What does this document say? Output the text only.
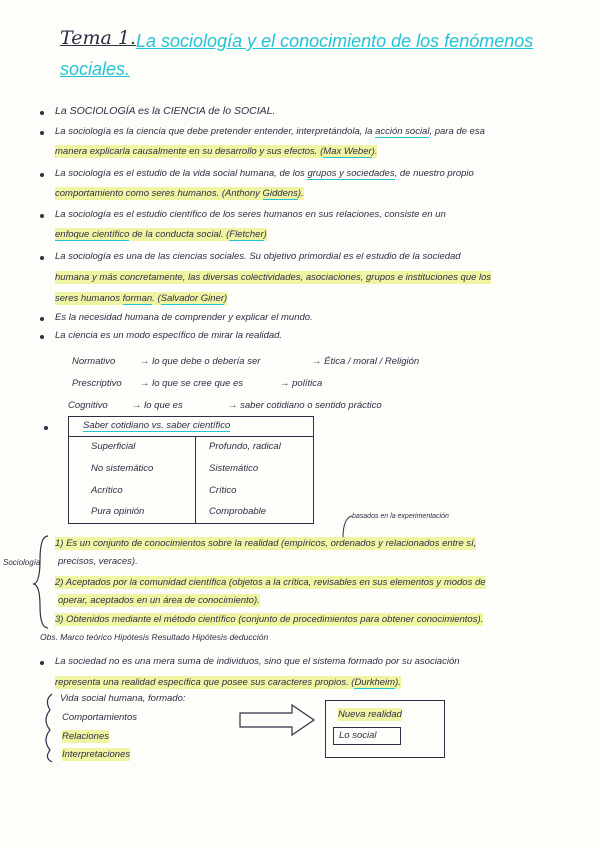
Tema 1. La sociología y el conocimiento de los fenómenos
sociales.
La SOCIOLOGÍA es la CIENCIA de lo SOCIAL.
La sociología es la ciencia que debe pretender entender, interpretándola, la acción social, para de esa
manera explicarla causalmente en su desarrollo y sus efectos. (Max Weber).
La sociología es el estudio de la vida social humana, de los grupos y sociedades, de nuestro propio
comportamiento como seres humanos. (Anthony Giddens).
La sociología es el estudio científico de los seres humanos en sus relaciones, consiste en un
enfoque científico de la conducta social. (Fletcher)
La sociología es una de las ciencias sociales. Su objetivo primordial es el estudio de la sociedad
humana y más concretamente, las diversas colectividades, asociaciones, grupos e instituciones que los
seres humanos forman. (Salvador Giner)
Es la necesidad humana de comprender y explicar el mundo.
La ciencia es un modo específico de mirar la realidad.
Normativo	→ lo que debe o debería ser	→ Ética / moral / Religión
Prescriptivo → lo que se cree que es	→ política
Cognitivo	→ lo que es	→ saber cotidiano o sentido práctico
Saber cotidiano vs. saber científico
Superficial	Profundo, radical
No sistemático	Sistemático
Acrítico	Crítico
Pura opinión	Comprobable	basados en la experimentación
Sociología
1) Es un conjunto de conocimientos sobre la realidad (empíricos, ordenados y relacionados entre sí,
precisos, veraces).
2) Aceptados por la comunidad científica (objetos a la crítica, revisables en sus elementos y modos de
operar, aceptados en un área de conocimiento).
3) Obtenidos mediante el método científico (conjunto de procedimientos para obtener conocimientos).
Obs. Marco teórico Hipótesis Resultado Hipótesis deducción
La sociedad no es una mera suma de individuos, sino que el sistema formado por su asociación
representa una realidad específica que posee sus caracteres propios. (Durkheim).
Vida social humana, formado:
Comportamientos
Relaciones
Interpretaciones
Nueva realidad
Lo social
